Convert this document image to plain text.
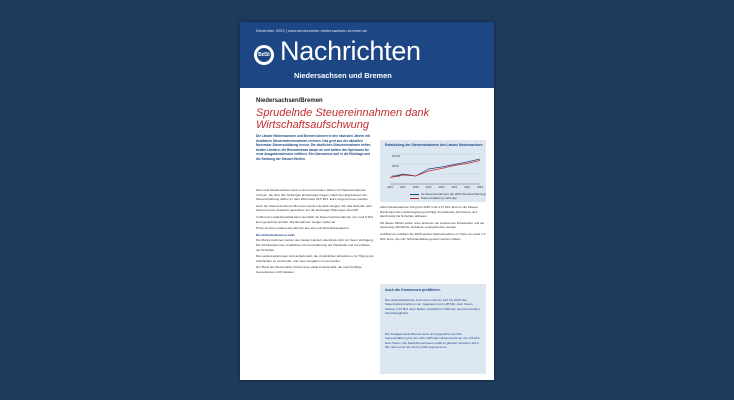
Dezember 2023 | www.steuerzahler-niedersachsen-bremen.de
BdSt Nachrichten
Niedersachsen und Bremen
Niedersachsen/Bremen
Sprudelnde Steuereinnahmen dank Wirtschaftsaufschwung
Die Länder Niedersachsen und Bremen können in den nächsten Jahren mit deutlichen Steuermehreinnahmen rechnen. Das geht aus der aktuellen November-Steuerschätzung hervor. Die deutlichen Steuereinnahmen helfen beiden Ländern, die Rekordniveau bauen an und sollten den Spielraum für neue Ausgabenwünsche eröffnen. Ein Überschuss soll in die Rücklage und die Senkung der Steuern fließen.

Das Land Niedersachsen kann in den kommenden Jahren mit Steuereinnahmen rechnen, die über den bisherigen Erwartungen liegen. Nach den Ergebnissen der Steuerschätzung dürfen im Jahr 2023 etwa 36,5 Mrd. Euro eingenommen werden.

Auch die Steuereinnahmen Bremens werden deutlich steigen. Für das laufende Jahr wird mit einem Zuwachs gerechnet, der die bisherigen Planungen übertrifft.

Im Bremer Landeshaushalt kann ebenfalls mit Steuermehreinnahmen von rund 5 Mrd. Euro gerechnet werden. Die Einnahmen steigen weiter an.

Hinzu kommen weitere Einnahmen aus dem Länderfinanzausgleich.

Die Schuldenbremse wirkt

Die Mehreinnahmen stehen den beiden Ländern allerdings nicht zur freien Verfügung. Die Schuldenbremse verpflichtet zur Konsolidierung der Haushalte und zum Abbau der Schulden.

Die Landesregierungen sind aufgefordert, die zusätzlichen Einnahmen zur Tilgung der Altschulden zu verwenden und neue Ausgaben zu vermeiden.

Der Bund der Steuerzahler fordert eine solide Finanzpolitik, die auch künftige Generationen nicht belastet.

Entwicklung der Steuereinnahmen des Landes Niedersachsen
30.000
28.00
26.000
2016	2017	2018	2019	2020	2021	2022	2023
Ist-Steuereinnahmen (ab 2023 Steuerschätzung)
Steuerschätzung vorherige

Allein Niedersachsen bringt bis 2025 rund 4,37 Mrd. Euro in die Kassen. Damit kann die Landesregierung wichtige Investitionen finanzieren und gleichzeitig die Schulden abbauen.

Mit diesen Mitteln sollen unter anderem der Ausbau der Infrastruktur und die Sanierung öffentlicher Gebäude vorangetrieben werden.

Auf Bremen entfallen bis 2025 weitere Mehreinnahmen in Höhe von etwa 1,0 Mrd. Euro, die zum Schuldenabbau genutzt werden sollten.

Auch die Kommunen profitieren.
Die niedersächsischen Kommunen können sich bis 2025 über Steuermehreinnahmen von insgesamt rund 1,08 Mrd. Euro freuen. Weitere 1,33 Mrd. Euro fließen zusätzlich im Rahmen des kommunalen Finanzausgleichs.
Die Stadtgemeinde Bremen kann sich gegenüber der Mai-Steuerschätzung bis zum Jahr 2025 über Mehreinnahmen von 475 Mio. Euro freuen. Die Stadt Bremerhaven erhält im gleichen Zeitraum 113,3 Mio. Euro mehr als noch im Mai angenommen.
